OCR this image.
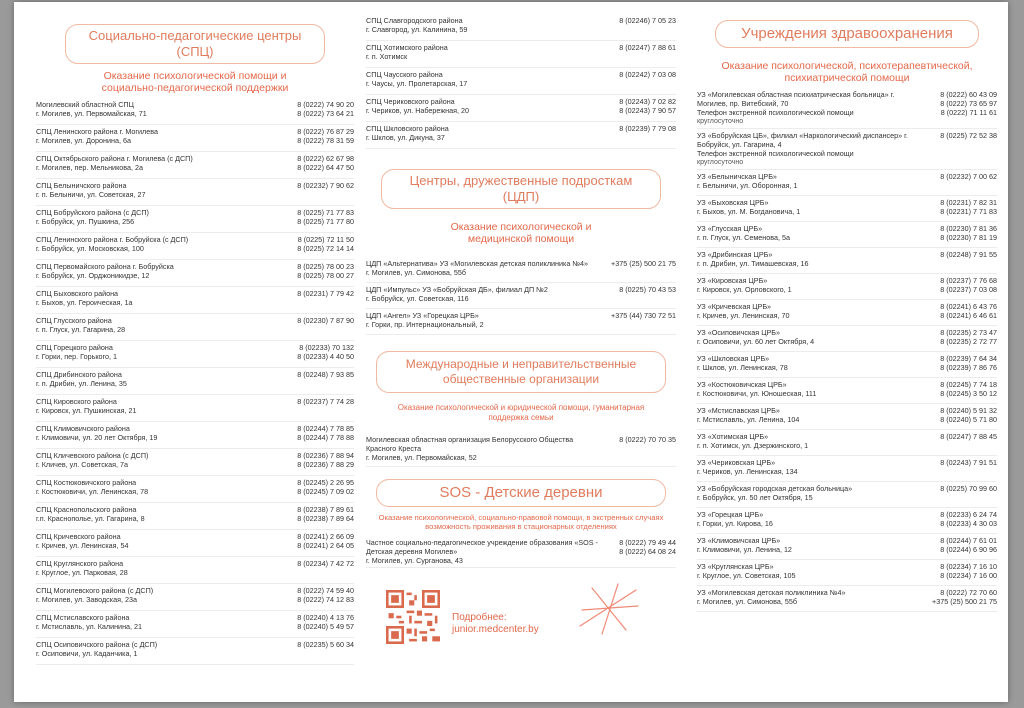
Социально-педагогические центры (СПЦ)
Оказание психологической помощи и социально-педагогической поддержки
Могилевский областной СПЦ
г. Могилев, ул. Первомайская, 71
8 (0222) 74 90 20
8 (0222) 73 64 21
СПЦ Ленинского района г. Могилева
г. Могилев, ул. Доронина, 6а
8 (0222) 76 87 29
8 (0222) 78 31 59
СПЦ Октябрьского района г. Могилева (с ДСП)
г. Могилев, пер. Мельникова, 2а
8 (0222) 62 67 98
8 (0222) 64 47 50
СПЦ Белыничского района
г. п. Белыничи, ул. Советская, 27
8 (02232) 7 90 62
СПЦ Бобруйского района (с ДСП)
г. Бобруйск, ул. Пушкина, 256
8 (0225) 71 77 83
8 (0225) 71 77 80
СПЦ Ленинского района г. Бобруйска (с ДСП)
г. Бобруйск, ул. Московская, 100
8 (0225) 72 11 50
8 (0225) 72 14 14
СПЦ Первомайского района г. Бобруйска
г. Бобруйск, ул. Орджоникидзе, 12
8 (0225) 78 00 23
8 (0225) 78 00 27
СПЦ Быховского района
г. Быхов, ул. Героическая, 1а
8 (02231) 7 79 42
СПЦ Глусского района
г. п. Глуск, ул. Гагарина, 28
8 (02230) 7 87 90
СПЦ Горецкого района
г. Горки, пер. Горького, 1
8 (02233) 70 132
8 (02233) 4 40 50
СПЦ Дрибинского района
г. п. Дрибин, ул. Ленина, 35
8 (02248) 7 93 85
СПЦ Кировского района
г. Кировск, ул. Пушкинская, 21
8 (02237) 7 74 28
СПЦ Климовичского района
г. Климовичи, ул. 20 лет Октября, 19
8 (02244) 7 78 85
8 (02244) 7 78 88
СПЦ Кличевского района (с ДСП)
г. Кличев, ул. Советская, 7а
8 (02236) 7 88 94
8 (02236) 7 88 29
СПЦ Костюковичского района
г. Костюковичи, ул. Ленинская, 78
8 (02245) 2 26 95
8 (02245) 7 09 02
СПЦ Краснопольского района
г.п. Краснополье, ул. Гагарина, 8
8 (02238) 7 89 61
8 (02238) 7 89 64
СПЦ Кричевского района
г. Кричев, ул. Ленинская, 54
8 (02241) 2 66 09
8 (02241) 2 64 05
СПЦ Круглянского района
г. Круглое, ул. Парковая, 28
8 (02234) 7 42 72
СПЦ Могилевского района (с ДСП)
г. Могилев, ул. Заводская, 23а
8 (0222) 74 59 40
8 (0222) 74 12 83
СПЦ Мстиславского района
г. Мстиславль, ул. Калинина, 21
8 (02240) 4 13 76
8 (02240) 5 49 57
СПЦ Осиповичского района (с ДСП)
г. Осиповичи, ул. Каданчика, 1
8 (02235) 5 60 34
СПЦ Славгородского района
г. Славгород, ул. Калинина, 59
8 (02246) 7 05 23
СПЦ Хотимского района
г. п. Хотимск
8 (02247) 7 88 61
СПЦ Чаусского района
г. Чаусы, ул. Пролетарская, 17
8 (02242) 7 03 08
СПЦ Чериковского района
г. Чериков, ул. Набережная, 20
8 (02243) 7 02 82
8 (02243) 7 90 57
СПЦ Шкловского района
г. Шклов, ул. Дикуна, 37
8 (02239) 7 79 08
Центры, дружественные подросткам (ЦДП)
Оказание психологической и медицинской помощи
ЦДП «Альтернатива» УЗ «Могилевская детская поликлиника №4»
г. Могилев, ул. Симонова, 55б
+375 (25) 500 21 75
ЦДП «Импульс» УЗ «Бобруйская ДБ», филиал ДП №2
г. Бобруйск, ул. Советская, 116
8 (0225) 70 43 53
ЦДП «Ангел» УЗ «Горецкая ЦРБ»
г. Горки, пр. Интернациональный, 2
+375 (44) 730 72 51
Международные и неправительственные общественные организации
Оказание психологической и юридической помощи, гуманитарная поддержка семьи
Могилевская областная организация Белорусского Общества Красного Креста
г. Могилев, ул. Первомайская, 52
8 (0222) 70 70 35
SOS - Детские деревни
Оказание психологической, социально-правовой помощи, в экстренных случаях возможность проживания в стационарных отделениях
Частное социально-педагогическое учреждение образования «SOS - Детская деревня Могилев»
г. Могилев, ул. Сурганова, 43
8 (0222) 79 49 44
8 (0222) 64 08 24
Подробнее:
junior.medcenter.by
Учреждения здравоохранения
Оказание психологической, психотерапевтической, психиатрической помощи
УЗ «Могилевская областная психиатрическая больница» г. Могилев, пр. Витебский, 70
Телефон экстренной психологической помощи
круглосуточно
8 (0222) 60 43 09
8 (0222) 73 65 97
8 (0222) 71 11 61
УЗ «Бобруйская ЦБ», филиал «Наркологический диспансер» г. Бобруйск, ул. Гагарина, 4
Телефон экстренной психологической помощи
круглосуточно
8 (0225) 72 52 38
УЗ «Белыничская ЦРБ»
г. Белыничи, ул. Оборонная, 1
8 (02232) 7 00 62
УЗ «Быховская ЦРБ»
г. Быхов, ул. М. Богдановича, 1
8 (02231) 7 82 31
8 (02231) 7 71 83
УЗ «Глусская ЦРБ»
г. п. Глуск, ул. Семенова, 5а
8 (02230) 7 81 36
8 (02230) 7 81 19
УЗ «Дрибинская ЦРБ»
г. п. Дрибин, ул. Тимашевская, 16
8 (02248) 7 91 55
УЗ «Кировская ЦРБ»
г. Кировск, ул. Орловского, 1
8 (02237) 7 76 68
8 (02237) 7 03 08
УЗ «Кричевская ЦРБ»
г. Кричев, ул. Ленинская, 70
8 (02241) 6 43 76
8 (02241) 6 46 61
УЗ «Осиповичская ЦРБ»
г. Осиповичи, ул. 60 лет Октября, 4
8 (02235) 2 73 47
8 (02235) 2 72 77
УЗ «Шкловская ЦРБ»
г. Шклов, ул. Ленинская, 78
8 (02239) 7 64 34
8 (02239) 7 86 76
УЗ «Костюковичская ЦРБ»
г. Костюковичи, ул. Юношеская, 111
8 (02245) 7 74 18
8 (02245) 3 50 12
УЗ «Мстиславская ЦРБ»
г. Мстиславль, ул. Ленина, 104
8 (02240) 5 91 32
8 (02240) 5 71 80
УЗ «Хотимская ЦРБ»
г. п. Хотимск, ул. Дзержинского, 1
8 (02247) 7 88 45
УЗ «Чериковская ЦРБ»
г. Чериков, ул. Ленинская, 134
8 (02243) 7 91 51
УЗ «Бобруйская городская детская больница»
г. Бобруйск, ул. 50 лет Октября, 15
8 (0225) 70 99 60
УЗ «Горецкая ЦРБ»
г. Горки, ул. Кирова, 16
8 (02233) 6 24 74
8 (02233) 4 30 03
УЗ «Климовичская ЦРБ»
г. Климовичи, ул. Ленина, 12
8 (02244) 7 61 01
8 (02244) 6 90 96
УЗ «Круглянская ЦРБ»
г. Круглое, ул. Советская, 105
8 (02234) 7 16 10
8 (02234) 7 16 00
УЗ «Могилевская детская поликлиника №4»
г. Могилев, ул. Симонова, 55б
8 (0222) 72 70 60
+375 (25) 500 21 75
